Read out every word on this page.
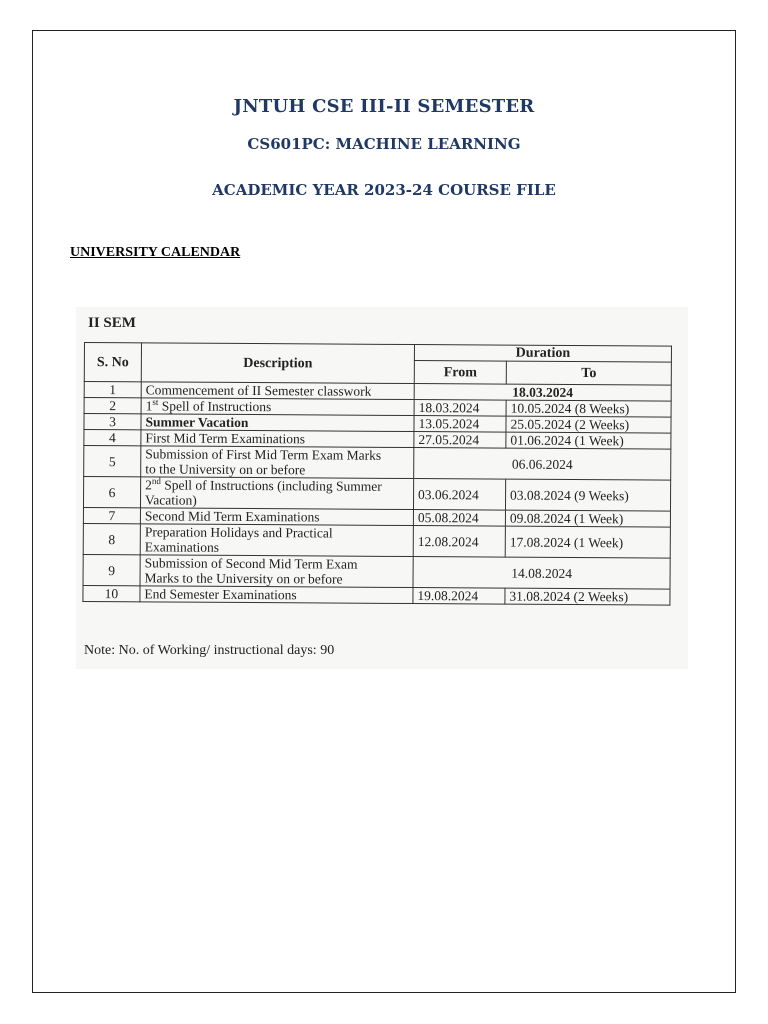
JNTUH CSE III-II SEMESTER
CS601PC: MACHINE LEARNING
ACADEMIC YEAR 2023-24 COURSE FILE
UNIVERSITY CALENDAR
II SEM
S. No	Description	Duration	
		From	To
1	Commencement of II Semester classwork	18.03.2024	
2	1st Spell of Instructions	18.03.2024	10.05.2024 (8 Weeks)
3	Summer Vacation	13.05.2024	25.05.2024 (2 Weeks)
4	First Mid Term Examinations	27.05.2024	01.06.2024 (1 Week)
5	Submission of First Mid Term Exam Marks
to the University on or before	06.06.2024	
6	2nd Spell of Instructions (including Summer
Vacation)	03.06.2024	03.08.2024 (9 Weeks)
7	Second Mid Term Examinations	05.08.2024	09.08.2024 (1 Week)
8	Preparation Holidays and Practical
Examinations	12.08.2024	17.08.2024 (1 Week)
9	Submission of Second Mid Term Exam
Marks to the University on or before	14.08.2024	
10	End Semester Examinations	19.08.2024	31.08.2024 (2 Weeks)
Note: No. of Working/ instructional days: 90
